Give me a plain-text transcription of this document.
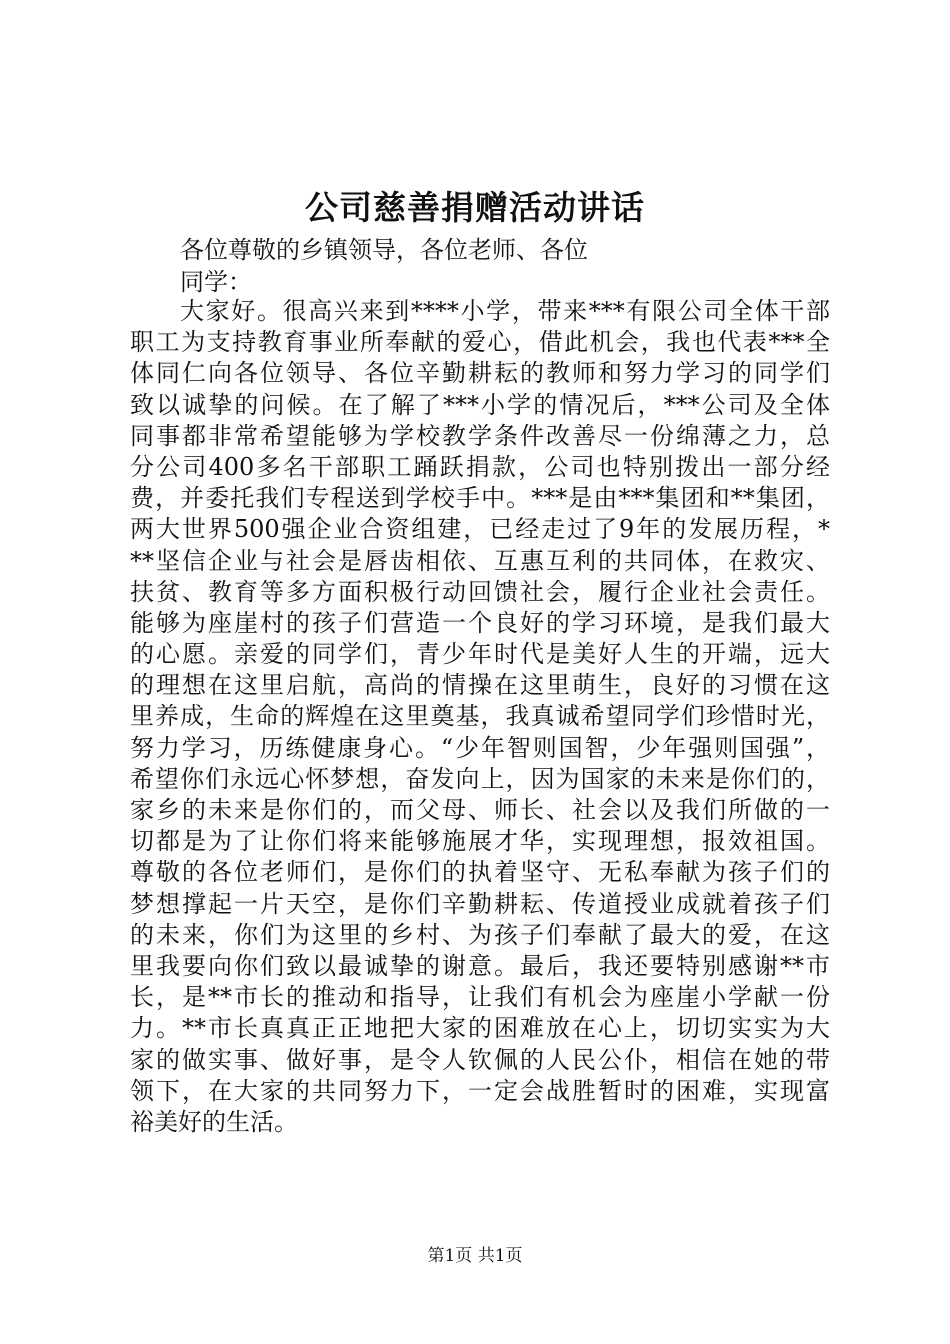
公司慈善捐赠活动讲话
各位尊敬的乡镇领导，各位老师、各位
同学：
大家好。很高兴来到****小学，带来***有限公司全体干部
职工为支持教育事业所奉献的爱心，借此机会，我也代表***全
体同仁向各位领导、各位辛勤耕耘的教师和努力学习的同学们
致以诚挚的问候。在了解了***小学的情况后，***公司及全体
同事都非常希望能够为学校教学条件改善尽一份绵薄之力，总
分公司400多名干部职工踊跃捐款，公司也特别拨出一部分经
费，并委托我们专程送到学校手中。***是由***集团和**集团，
两大世界500强企业合资组建，已经走过了9年的发展历程，*
**坚信企业与社会是唇齿相依、互惠互利的共同体，在救灾、
扶贫、教育等多方面积极行动回馈社会，履行企业社会责任。
能够为座崖村的孩子们营造一个良好的学习环境，是我们最大
的心愿。亲爱的同学们，青少年时代是美好人生的开端，远大
的理想在这里启航，高尚的情操在这里萌生，良好的习惯在这
里养成，生命的辉煌在这里奠基，我真诚希望同学们珍惜时光，
努力学习，历练健康身心。“少年智则国智，少年强则国强”，
希望你们永远心怀梦想，奋发向上，因为国家的未来是你们的，
家乡的未来是你们的，而父母、师长、社会以及我们所做的一
切都是为了让你们将来能够施展才华，实现理想，报效祖国。
尊敬的各位老师们，是你们的执着坚守、无私奉献为孩子们的
梦想撑起一片天空，是你们辛勤耕耘、传道授业成就着孩子们
的未来，你们为这里的乡村、为孩子们奉献了最大的爱，在这
里我要向你们致以最诚挚的谢意。最后，我还要特别感谢**市
长，是**市长的推动和指导，让我们有机会为座崖小学献一份
力。**市长真真正正地把大家的困难放在心上，切切实实为大
家的做实事、做好事，是令人钦佩的人民公仆，相信在她的带
领下，在大家的共同努力下，一定会战胜暂时的困难，实现富
裕美好的生活。
第1页 共1页
